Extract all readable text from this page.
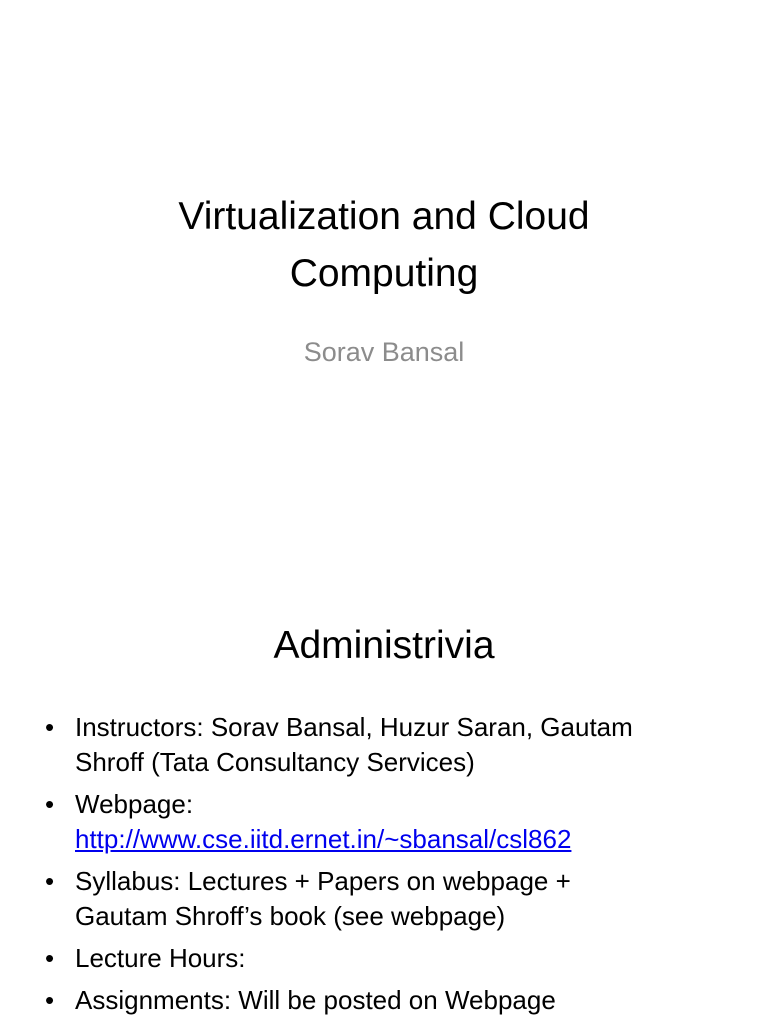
Virtualization and Cloud
Computing
Sorav Bansal
Administrivia
• Instructors: Sorav Bansal, Huzur Saran, Gautam
Shroff (Tata Consultancy Services)
• Webpage:
http://www.cse.iitd.ernet.in/~sbansal/csl862
• Syllabus: Lectures + Papers on webpage +
Gautam Shroff’s book (see webpage)
• Lecture Hours:
• Assignments: Will be posted on Webpage
